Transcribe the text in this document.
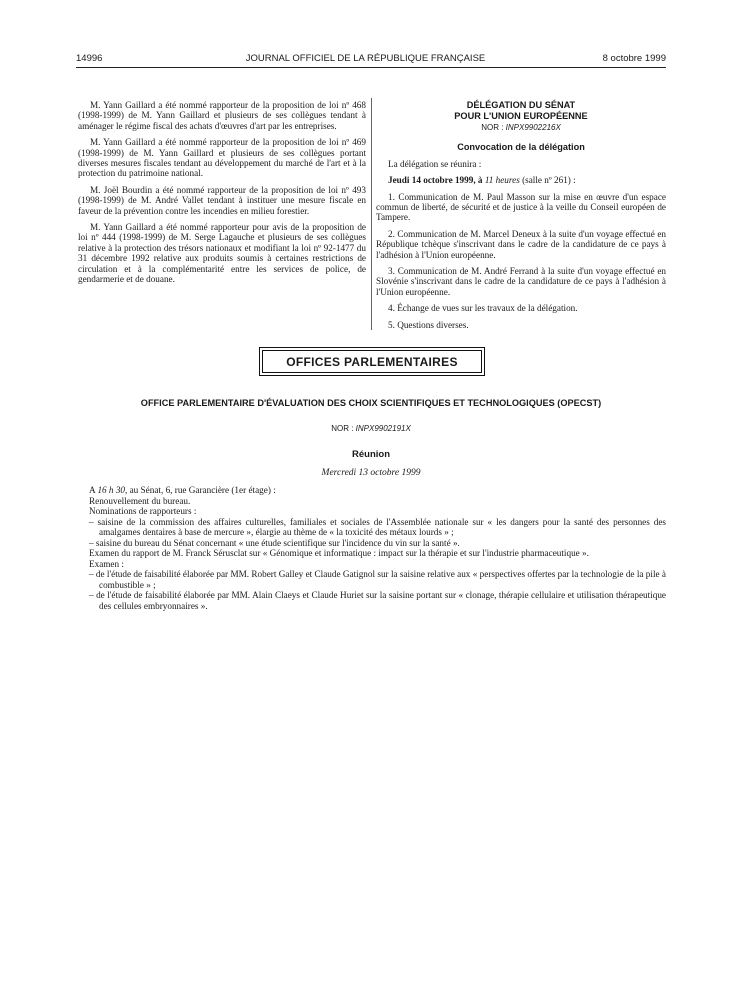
14996	JOURNAL OFFICIEL DE LA RÉPUBLIQUE FRANÇAISE	8 octobre 1999

M. Yann Gaillard a été nommé rapporteur de la proposition de loi nº 468 (1998-1999) de M. Yann Gaillard et plusieurs de ses collègues tendant à aménager le régime fiscal des achats d'œuvres d'art par les entreprises.

M. Yann Gaillard a été nommé rapporteur de la proposition de loi nº 469 (1998-1999) de M. Yann Gaillard et plusieurs de ses collègues portant diverses mesures fiscales tendant au développement du marché de l'art et à la protection du patrimoine national.

M. Joël Bourdin a été nommé rapporteur de la proposition de loi nº 493 (1998-1999) de M. André Vallet tendant à instituer une mesure fiscale en faveur de la prévention contre les incendies en milieu forestier.

M. Yann Gaillard a été nommé rapporteur pour avis de la proposition de loi nº 444 (1998-1999) de M. Serge Lagauche et plusieurs de ses collègues relative à la protection des trésors nationaux et modifiant la loi nº 92-1477 du 31 décembre 1992 relative aux produits soumis à certaines restrictions de circulation et à la complémentarité entre les services de police, de gendarmerie et de douane.

DÉLÉGATION DU SÉNAT
POUR L'UNION EUROPÉENNE
NOR : INPX9902216X
Convocation de la délégation

La délégation se réunira :

Jeudi 14 octobre 1999, à 11 heures (salle nº 261) :

1. Communication de M. Paul Masson sur la mise en œuvre d'un espace commun de liberté, de sécurité et de justice à la veille du Conseil européen de Tampere.

2. Communication de M. Marcel Deneux à la suite d'un voyage effectué en République tchèque s'inscrivant dans le cadre de la candidature de ce pays à l'adhésion à l'Union européenne.

3. Communication de M. André Ferrand à la suite d'un voyage effectué en Slovénie s'inscrivant dans le cadre de la candidature de ce pays à l'adhésion à l'Union européenne.

4. Échange de vues sur les travaux de la délégation.

5. Questions diverses.

OFFICES PARLEMENTAIRES
OFFICE PARLEMENTAIRE D'ÉVALUATION DES CHOIX SCIENTIFIQUES ET TECHNOLOGIQUES (OPECST)
NOR : INPX9902191X
Réunion
Mercredi 13 octobre 1999

A 16 h 30, au Sénat, 6, rue Garancière (1er étage) :

Renouvellement du bureau.

Nominations de rapporteurs :

– saisine de la commission des affaires culturelles, familiales et sociales de l'Assemblée nationale sur « les dangers pour la santé des personnes des amalgames dentaires à base de mercure », élargie au thème de « la toxicité des métaux lourds » ;

– saisine du bureau du Sénat concernant « une étude scientifique sur l'incidence du vin sur la santé ».

Examen du rapport de M. Franck Sérusclat sur « Génomique et informatique : impact sur la thérapie et sur l'industrie pharmaceutique ».

Examen :

– de l'étude de faisabilité élaborée par MM. Robert Galley et Claude Gatignol sur la saisine relative aux « perspectives offertes par la technologie de la pile à combustible » ;

– de l'étude de faisabilité élaborée par MM. Alain Claeys et Claude Huriet sur la saisine portant sur « clonage, thérapie cellulaire et utilisation thérapeutique des cellules embryonnaires ».
